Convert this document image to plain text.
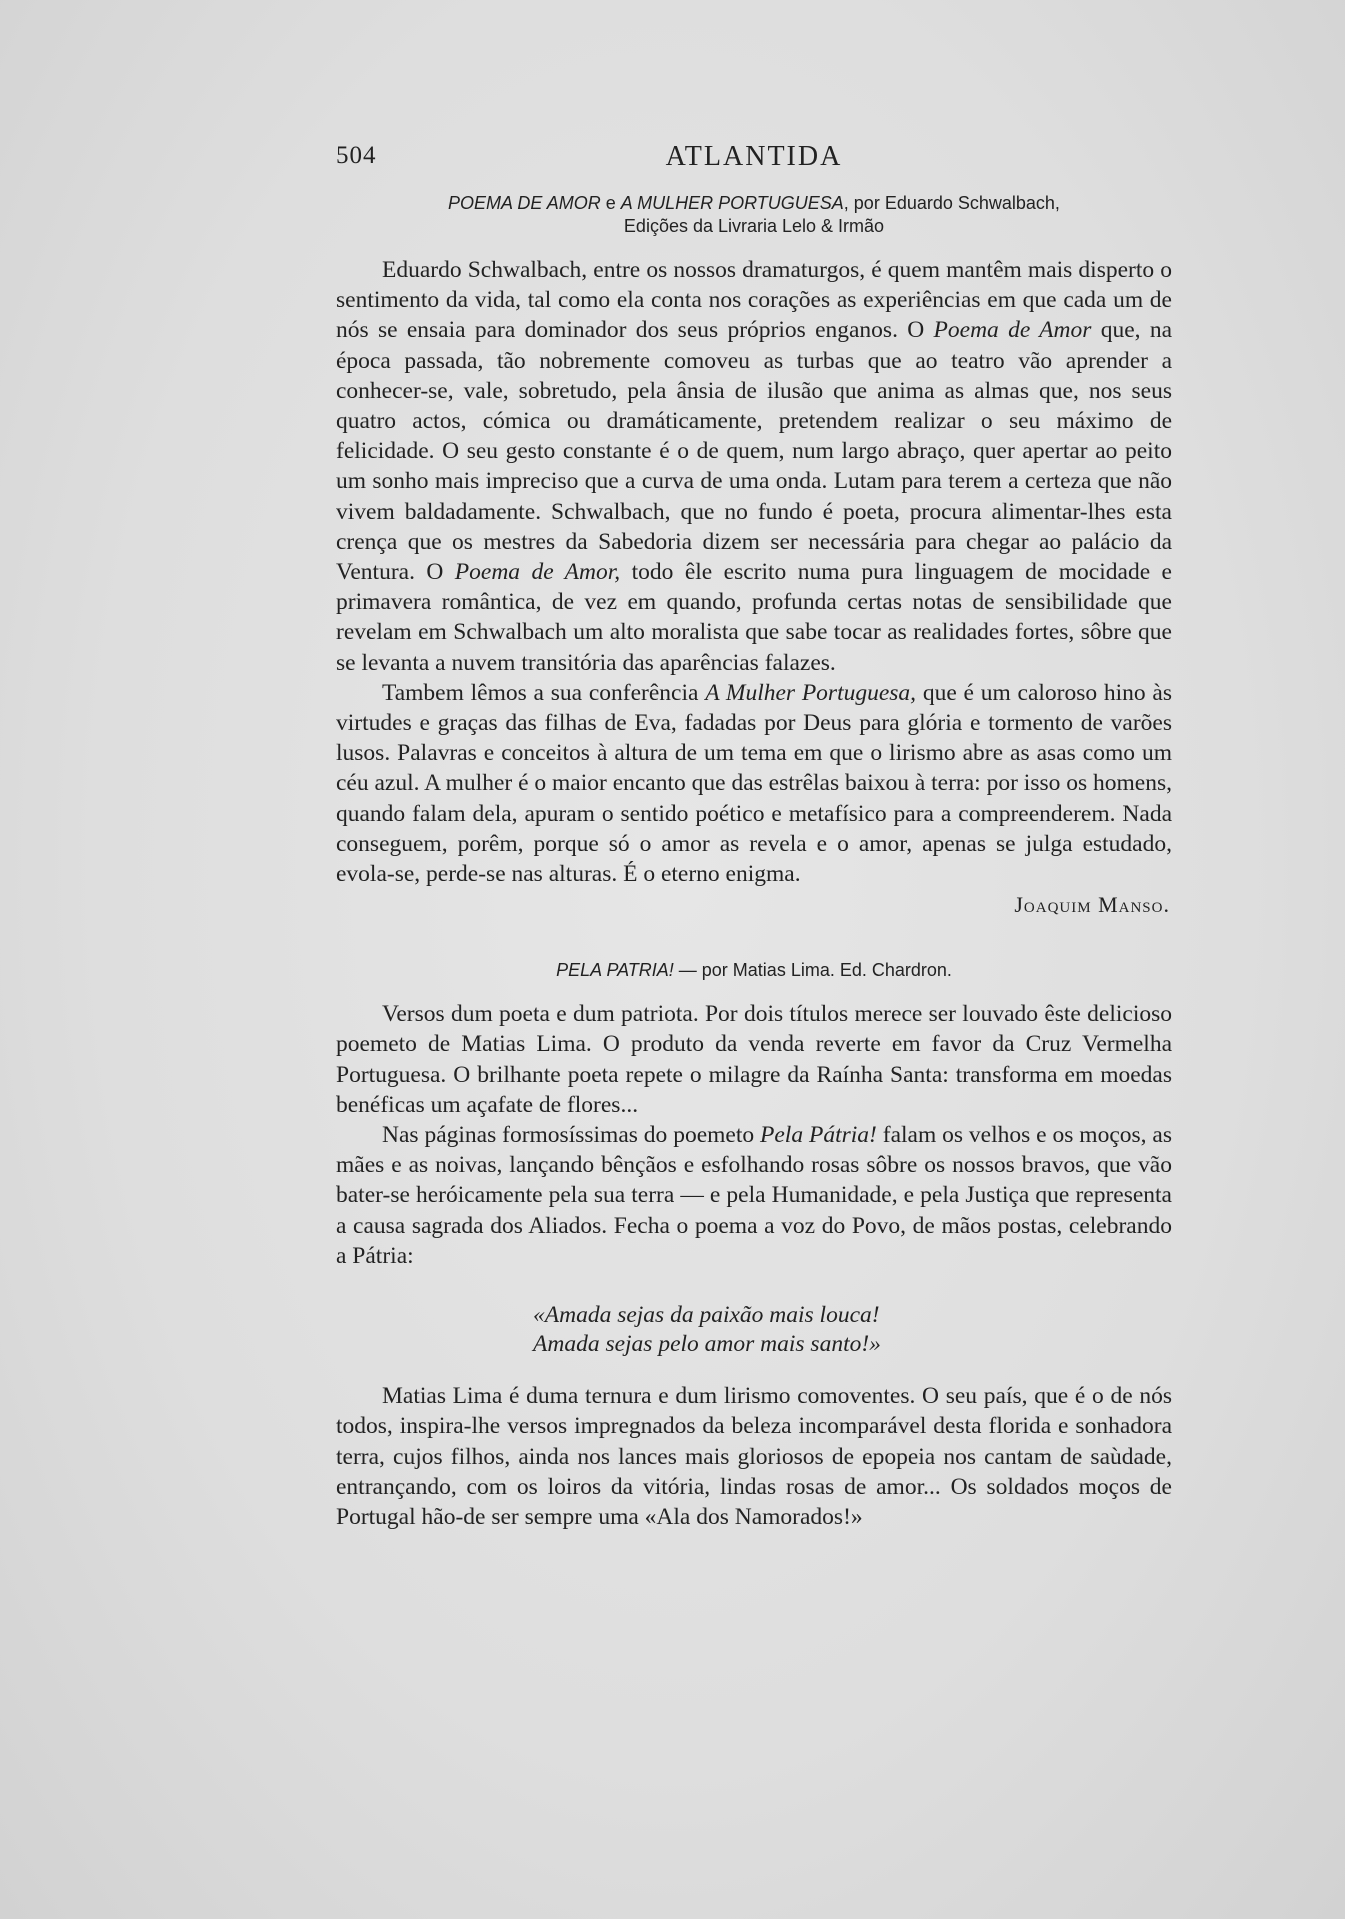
504	ATLANTIDA
POEMA DE AMOR e A MULHER PORTUGUESA, por Eduardo Schwalbach,
Edições da Livraria Lelo & Irmão

Eduardo Schwalbach, entre os nossos dramaturgos, é quem mantêm mais disperto o sentimento da vida, tal como ela conta nos corações as experiências em que cada um de nós se ensaia para dominador dos seus próprios enganos. O Poema de Amor que, na época passada, tão nobremente comoveu as turbas que ao teatro vão aprender a conhecer-se, vale, sobretudo, pela ânsia de ilusão que anima as almas que, nos seus quatro actos, cómica ou dramáticamente, pretendem realizar o seu máximo de felicidade. O seu gesto constante é o de quem, num largo abraço, quer apertar ao peito um sonho mais impreciso que a curva de uma onda. Lutam para terem a certeza que não vivem baldadamente. Schwalbach, que no fundo é poeta, procura alimentar-lhes esta crença que os mestres da Sabedoria dizem ser necessária para chegar ao palácio da Ventura. O Poema de Amor, todo êle escrito numa pura linguagem de mocidade e primavera romântica, de vez em quando, profunda certas notas de sensibilidade que revelam em Schwalbach um alto moralista que sabe tocar as realidades fortes, sôbre que se levanta a nuvem transitória das aparências falazes.

Tambem lêmos a sua conferência A Mulher Portuguesa, que é um caloroso hino às virtudes e graças das filhas de Eva, fadadas por Deus para glória e tormento de varões lusos. Palavras e conceitos à altura de um tema em que o lirismo abre as asas como um céu azul. A mulher é o maior encanto que das estrêlas baixou à terra: por isso os homens, quando falam dela, apuram o sentido poético e metafísico para a compreenderem. Nada conseguem, porêm, porque só o amor as revela e o amor, apenas se julga estudado, evola-se, perde-se nas alturas. É o eterno enigma.

Joaquim Manso.
PELA PATRIA! — por Matias Lima. Ed. Chardron.

Versos dum poeta e dum patriota. Por dois títulos merece ser louvado êste delicioso poemeto de Matias Lima. O produto da venda reverte em favor da Cruz Vermelha Portuguesa. O brilhante poeta repete o milagre da Raínha Santa: transforma em moedas benéficas um açafate de flores...

Nas páginas formosíssimas do poemeto Pela Pátria! falam os velhos e os moços, as mães e as noivas, lançando bênçãos e esfolhando rosas sôbre os nossos bravos, que vão bater-se heróicamente pela sua terra — e pela Humanidade, e pela Justiça que representa a causa sagrada dos Aliados. Fecha o poema a voz do Povo, de mãos postas, celebrando a Pátria:

«Amada sejas da paixão mais louca!
Amada sejas pelo amor mais santo!»

Matias Lima é duma ternura e dum lirismo comoventes. O seu país, que é o de nós todos, inspira-lhe versos impregnados da beleza incomparável desta florida e sonhadora terra, cujos filhos, ainda nos lances mais gloriosos de epopeia nos cantam de saùdade, entrançando, com os loiros da vitória, lindas rosas de amor... Os soldados moços de Portugal hão-de ser sempre uma «Ala dos Namorados!»
